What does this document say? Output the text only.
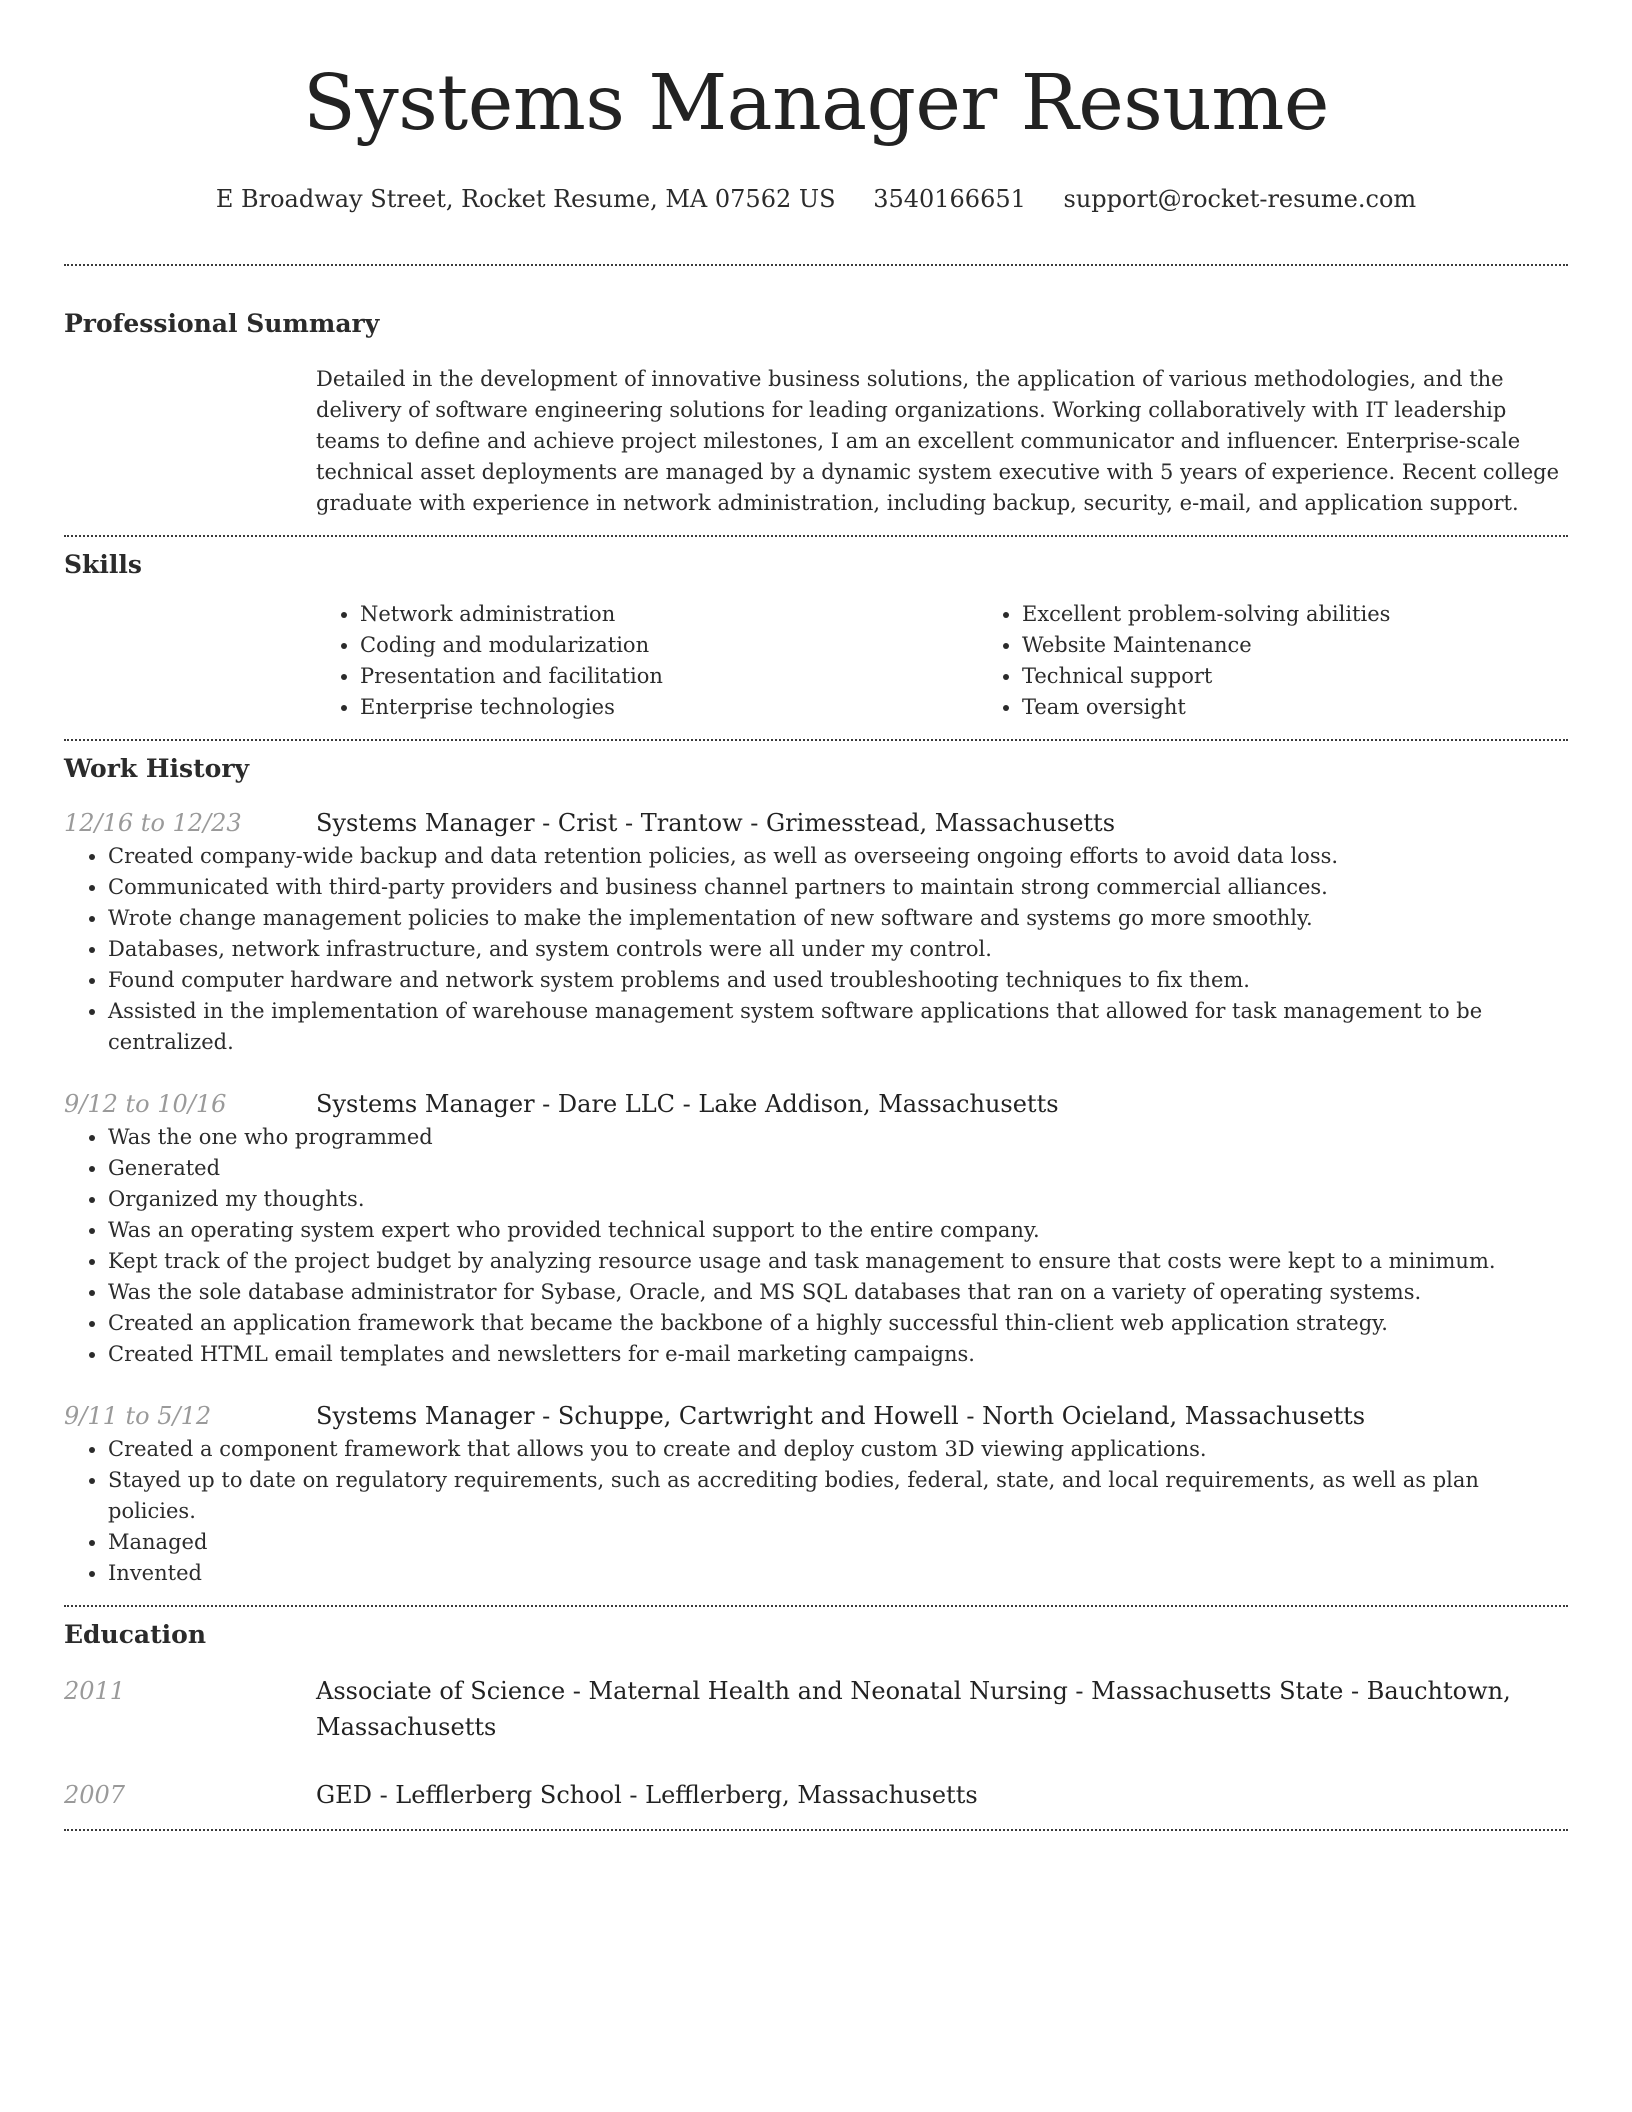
Systems Manager Resume
E Broadway Street, Rocket Resume, MA 07562 US 3540166651 support@rocket-resume.com
Professional Summary
Detailed in the development of innovative business solutions, the application of various methodologies, and the delivery of software engineering solutions for leading organizations. Working collaboratively with IT leadership teams to define and achieve project milestones, I am an excellent communicator and influencer. Enterprise-scale technical asset deployments are managed by a dynamic system executive with 5 years of experience. Recent college graduate with experience in network administration, including backup, security, e-mail, and application support.
Skills
• Network administration
• Coding and modularization
• Presentation and facilitation
• Enterprise technologies
• Excellent problem-solving abilities
• Website Maintenance
• Technical support
• Team oversight
Work History
12/16 to 12/23	Systems Manager - Crist - Trantow - Grimesstead, Massachusetts
• Created company-wide backup and data retention policies, as well as overseeing ongoing efforts to avoid data loss.
• Communicated with third-party providers and business channel partners to maintain strong commercial alliances.
• Wrote change management policies to make the implementation of new software and systems go more smoothly.
• Databases, network infrastructure, and system controls were all under my control.
• Found computer hardware and network system problems and used troubleshooting techniques to fix them.
• Assisted in the implementation of warehouse management system software applications that allowed for task management to be centralized.
9/12 to 10/16	Systems Manager - Dare LLC - Lake Addison, Massachusetts
• Was the one who programmed
• Generated
• Organized my thoughts.
• Was an operating system expert who provided technical support to the entire company.
• Kept track of the project budget by analyzing resource usage and task management to ensure that costs were kept to a minimum.
• Was the sole database administrator for Sybase, Oracle, and MS SQL databases that ran on a variety of operating systems.
• Created an application framework that became the backbone of a highly successful thin-client web application strategy.
• Created HTML email templates and newsletters for e-mail marketing campaigns.
9/11 to 5/12	Systems Manager - Schuppe, Cartwright and Howell - North Ocieland, Massachusetts
• Created a component framework that allows you to create and deploy custom 3D viewing applications.
• Stayed up to date on regulatory requirements, such as accrediting bodies, federal, state, and local requirements, as well as plan policies.
• Managed
• Invented
Education
2011	Associate of Science - Maternal Health and Neonatal Nursing - Massachusetts State - Bauchtown, Massachusetts
2007	GED - Lefflerberg School - Lefflerberg, Massachusetts
